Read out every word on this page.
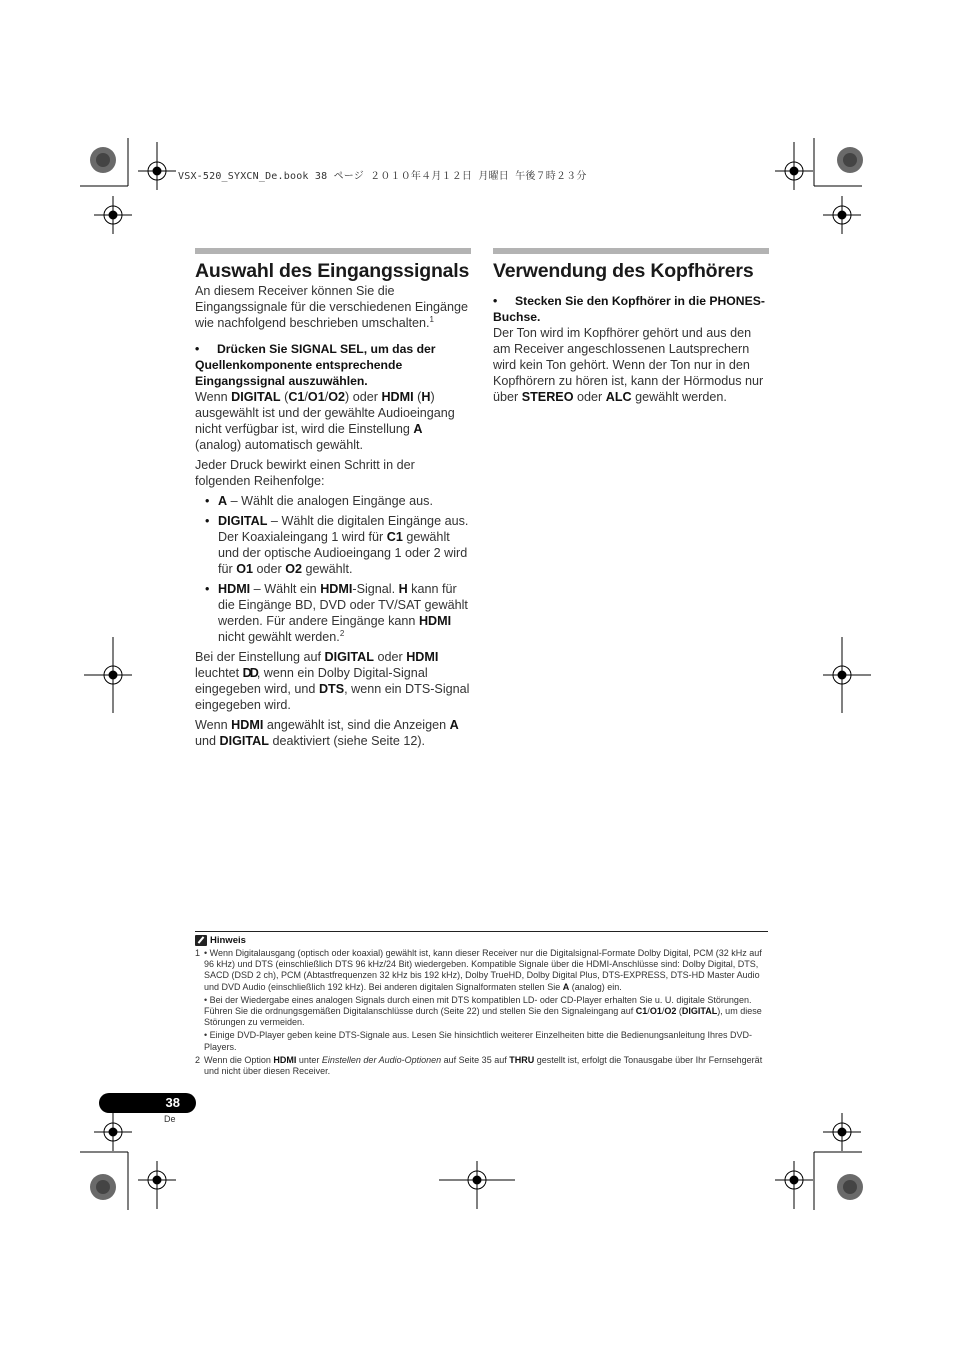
VSX-520_SYXCN_De.book 38 ページ ２０１０年４月１２日 月曜日 午後７時２３分
Auswahl des Eingangssignals

An diesem Receiver können Sie die Eingangssignale für die verschiedenen Eingänge wie nachfolgend beschrieben umschalten.$^1$

• Drücken Sie SIGNAL SEL, um das der Quellenkomponente entsprechende Eingangssignal auszuwählen.

Wenn DIGITAL (C1/O1/O2) oder HDMI (H) ausgewählt ist und der gewählte Audioeingang nicht verfügbar ist, wird die Einstellung A (analog) automatisch gewählt.

Jeder Druck bewirkt einen Schritt in der folgenden Reihenfolge:

• A – Wählt die analogen Eingänge aus.
• DIGITAL – Wählt die digitalen Eingänge aus. Der Koaxialeingang 1 wird für C1 gewählt und der optische Audioeingang 1 oder 2 wird für O1 oder O2 gewählt.
• HDMI – Wählt ein HDMI-Signal. H kann für die Eingänge BD, DVD oder TV/SAT gewählt werden. Für andere Eingänge kann HDMI nicht gewählt werden.$^2$

Bei der Einstellung auf DIGITAL oder HDMI leuchtet DD, wenn ein Dolby Digital-Signal eingegeben wird, und DTS, wenn ein DTS-Signal eingegeben wird.

Wenn HDMI angewählt ist, sind die Anzeigen A und DIGITAL deaktiviert (siehe Seite 12).

Verwendung des Kopfhörers

• Stecken Sie den Kopfhörer in die PHONES-Buchse.

Der Ton wird im Kopfhörer gehört und aus den am Receiver angeschlossenen Lautsprechern wird kein Ton gehört. Wenn der Ton nur in den Kopfhörern zu hören ist, kann der Hörmodus nur über STEREO oder ALC gewählt werden.

Hinweis

1 • Wenn Digitalausgang (optisch oder koaxial) gewählt ist, kann dieser Receiver nur die Digitalsignal-Formate Dolby Digital, PCM (32 kHz auf 96 kHz) und DTS (einschließlich DTS 96 kHz/24 Bit) wiedergeben. Kompatible Signale über die HDMI-Anschlüsse sind: Dolby Digital, DTS, SACD (DSD 2 ch), PCM (Abtastfrequenzen 32 kHz bis 192 kHz), Dolby TrueHD, Dolby Digital Plus, DTS-EXPRESS, DTS-HD Master Audio und DVD Audio (einschließlich 192 kHz). Bei anderen digitalen Signalformaten stellen Sie A (analog) ein.

• Bei der Wiedergabe eines analogen Signals durch einen mit DTS kompatiblen LD- oder CD-Player erhalten Sie u. U. digitale Störungen. Führen Sie die ordnungsgemäßen Digitalanschlüsse durch (Seite 22) und stellen Sie den Signaleingang auf C1/O1/O2 (DIGITAL), um diese Störungen zu vermeiden.

• Einige DVD-Player geben keine DTS-Signale aus. Lesen Sie hinsichtlich weiterer Einzelheiten bitte die Bedienungsanleitung Ihres DVD-Players.

2 Wenn die Option HDMI unter Einstellen der Audio-Optionen auf Seite 35 auf THRU gestellt ist, erfolgt die Tonausgabe über Ihr Fernsehgerät und nicht über diesen Receiver.

38
De
